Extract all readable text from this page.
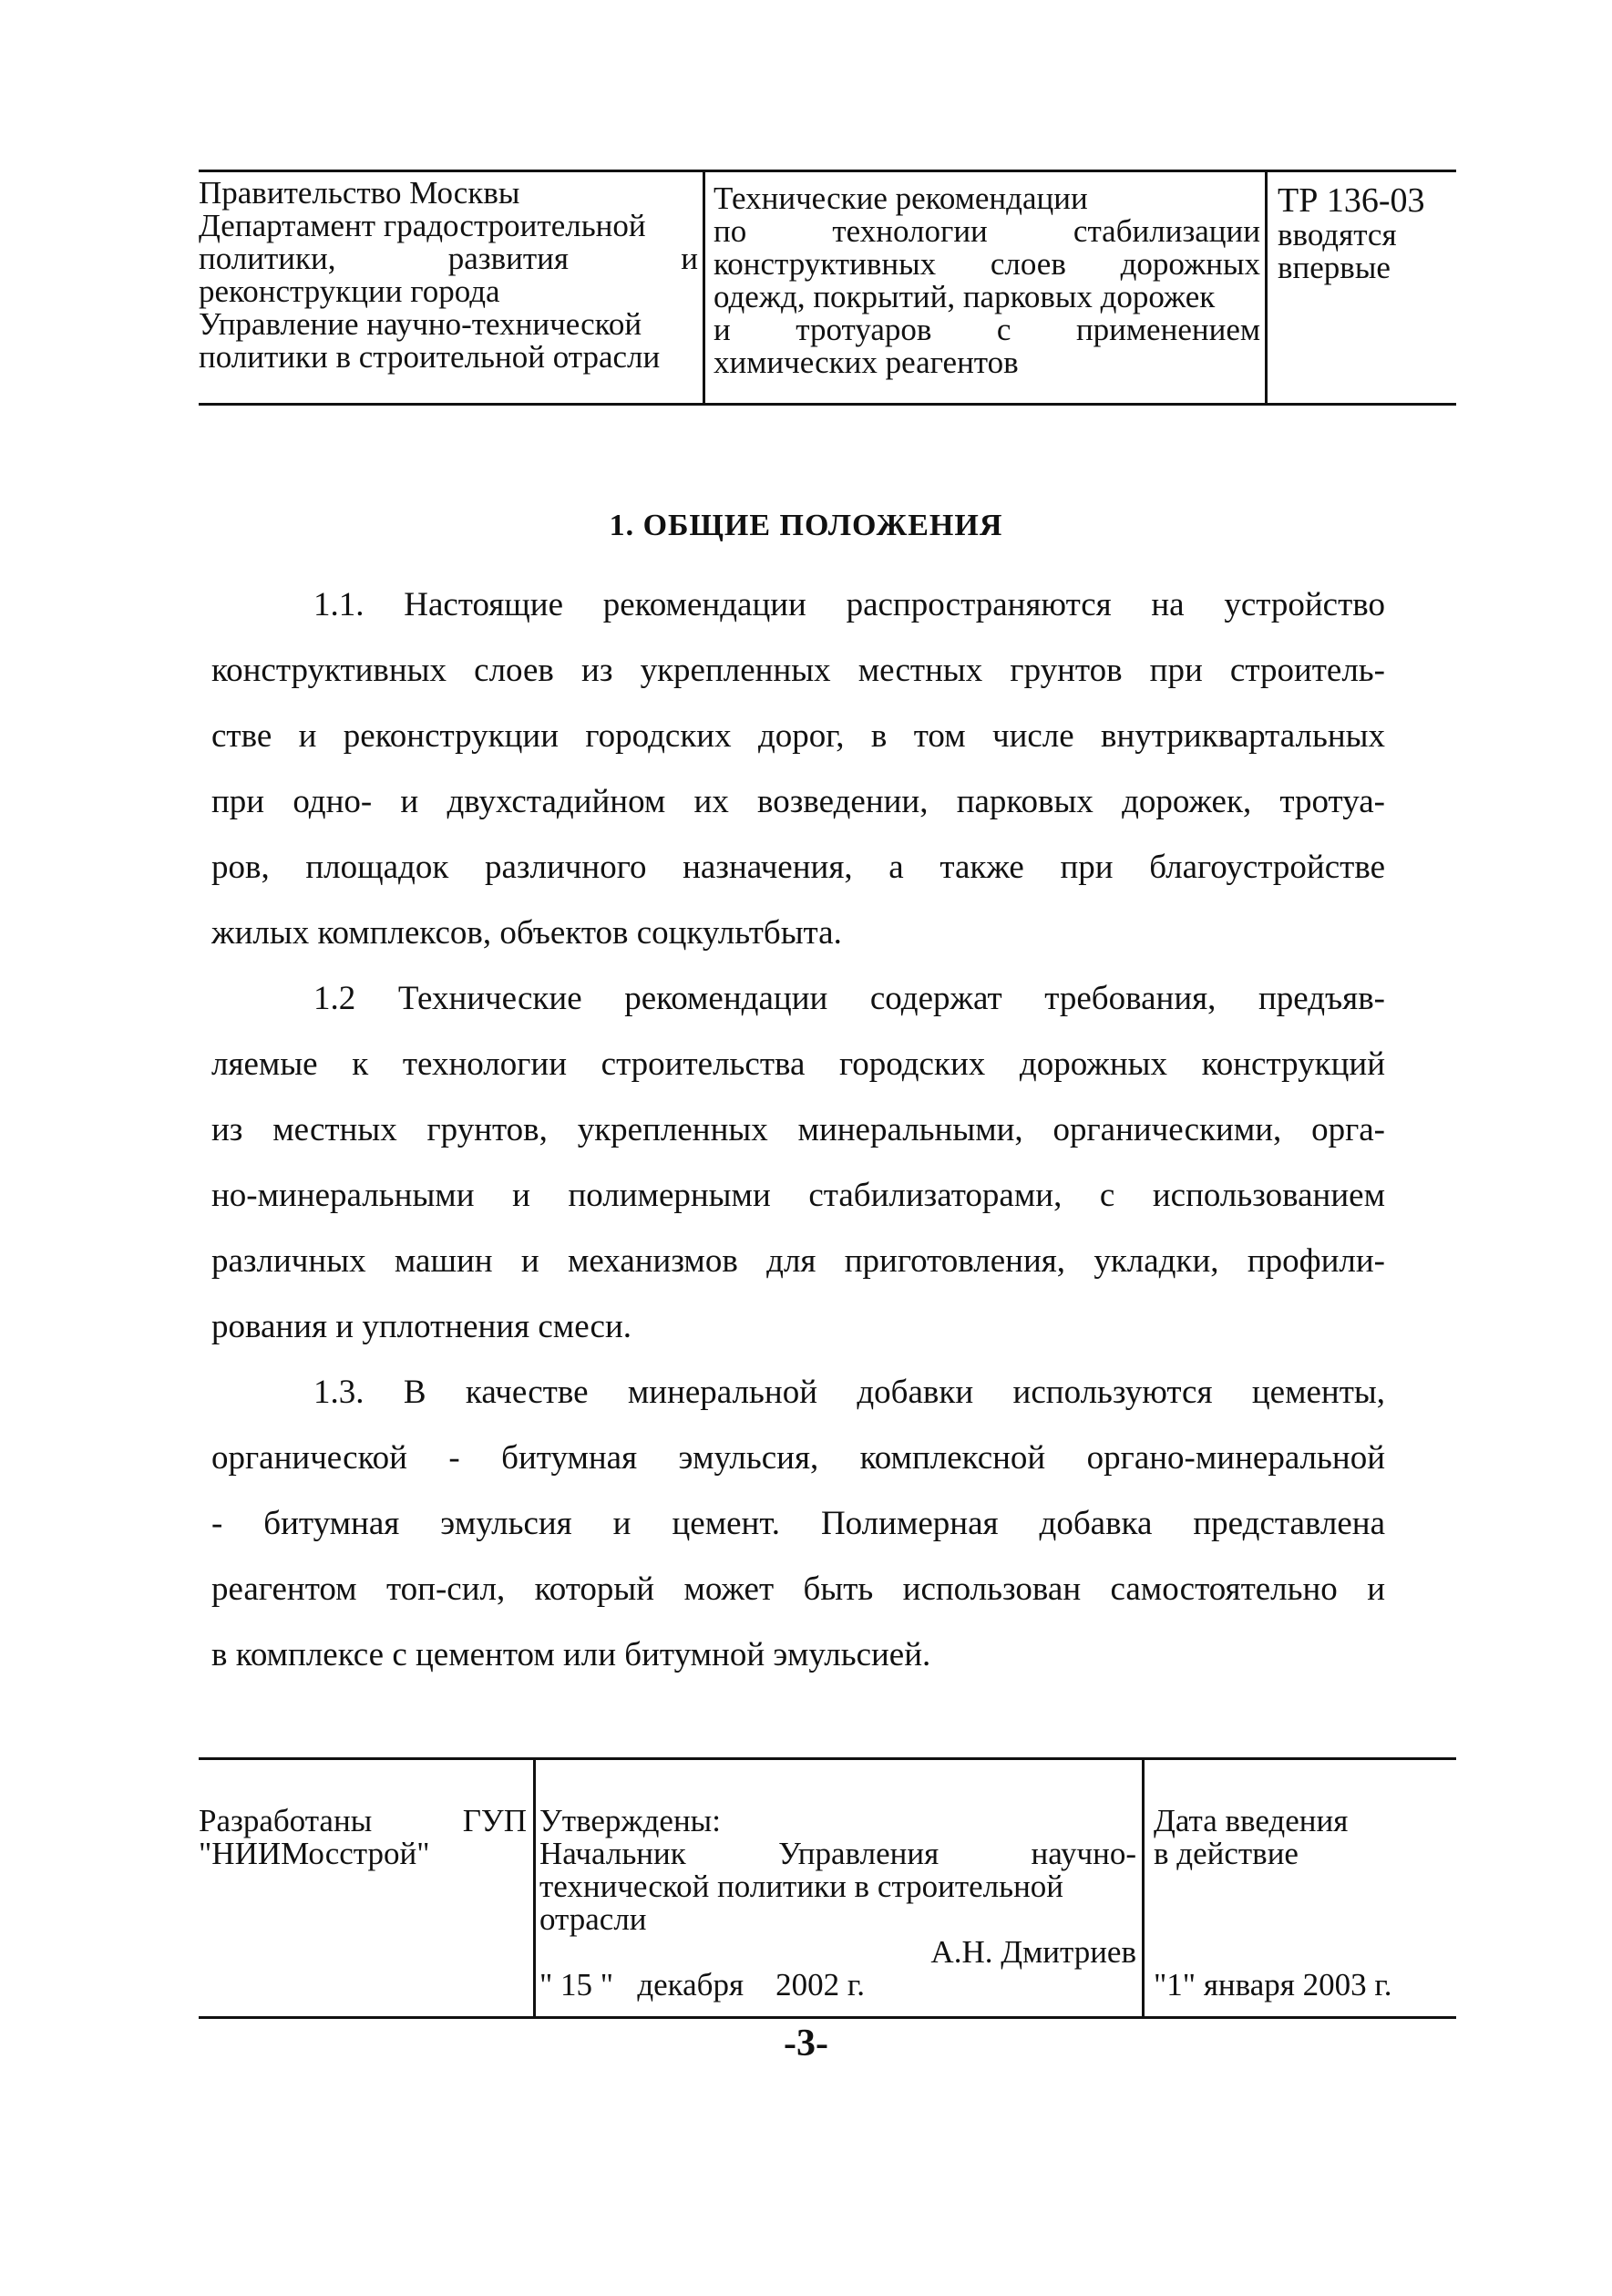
Правительство Москвы
Департамент градостроительной
политики, развития и
реконструкции города
Управление научно-технической
политики в строительной отрасли
Технические рекомендации
по технологии стабилизации
конструктивных слоев дорожных
одежд, покрытий, парковых дорожек
и тротуаров с применением
химических реагентов
ТР 136-03
вводятся
впервые
1. ОБЩИЕ ПОЛОЖЕНИЯ

1.1. Настоящие рекомендации распространяются на устройство
конструктивных слоев из укрепленных местных грунтов при строитель-
стве и реконструкции городских дорог, в том числе внутриквартальных
при одно- и двухстадийном их возведении, парковых дорожек, тротуа-
ров, площадок различного назначения, а также при благоустройстве
жилых комплексов, объектов соцкультбыта.

1.2 Технические рекомендации содержат требования, предъяв-
ляемые к технологии строительства городских дорожных конструкций
из местных грунтов, укрепленных минеральными, органическими, орга-
но-минеральными и полимерными стабилизаторами, с использованием
различных машин и механизмов для приготовления, укладки, профили-
рования и уплотнения смеси.

1.3. В качестве минеральной добавки используются цементы,
органической - битумная эмульсия, комплексной органо-минеральной
- битумная эмульсия и цемент. Полимерная добавка представлена
реагентом топ-сил, который может быть использован самостоятельно и
в комплексе с цементом или битумной эмульсией.

Разработаны ГУП
"НИИМосстрой"
Утверждены:
Начальник Управления научно-
технической политики в строительной
отрасли
А.Н. Дмитриев
" 15 "   декабря    2002 г.
Дата введения
в действие
"1" января 2003 г.
-3-
